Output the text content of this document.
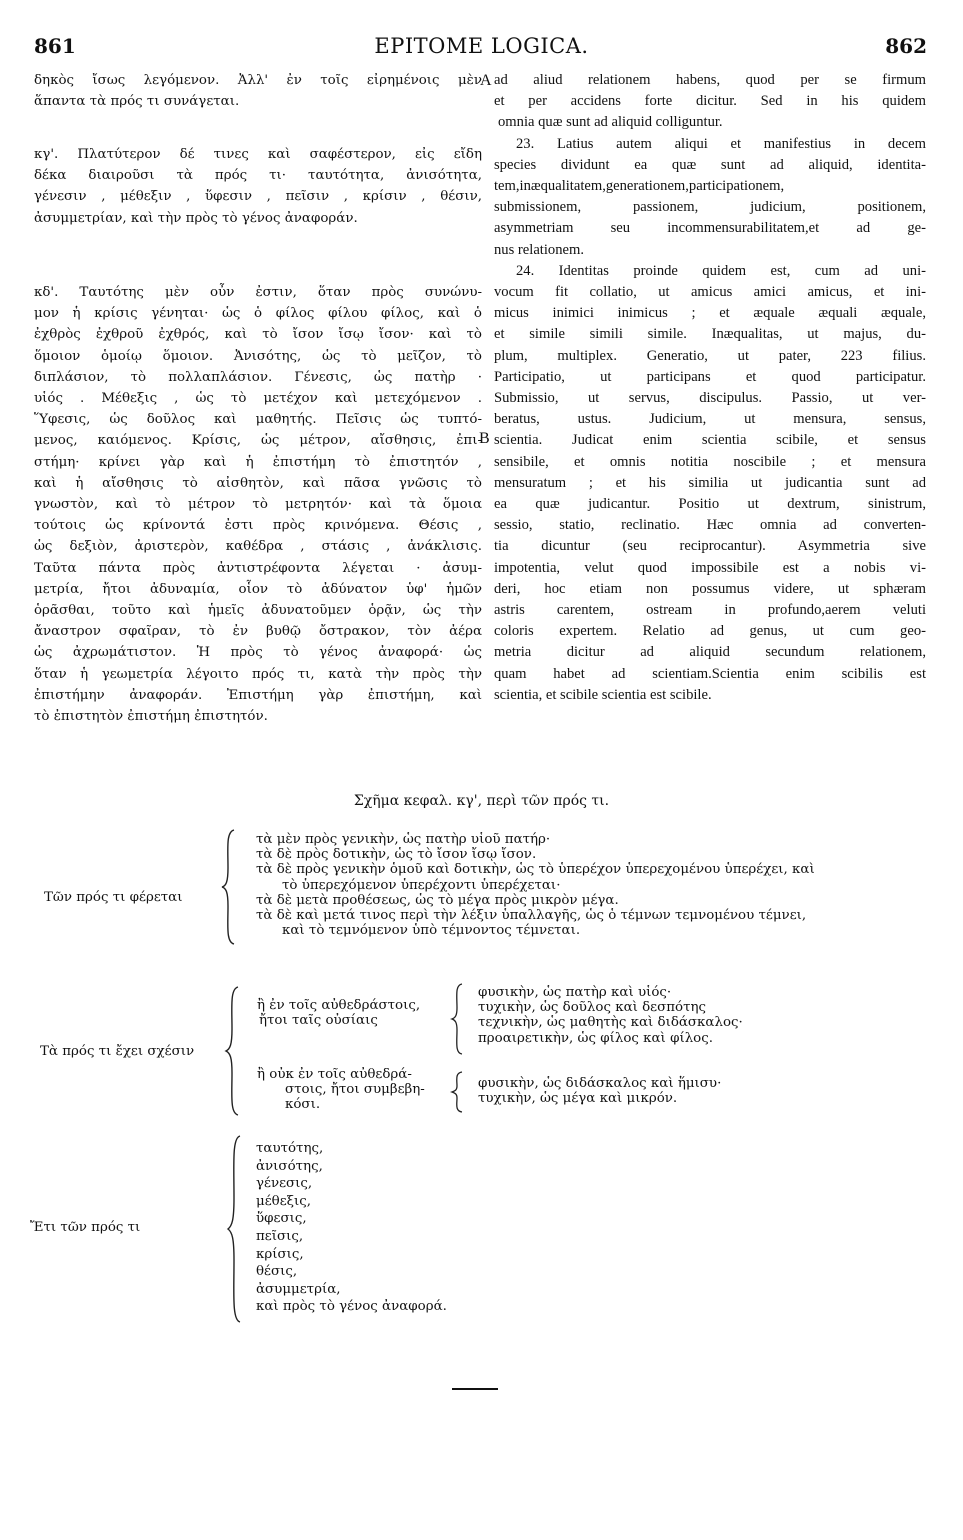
861	EPITOME LOGICA.	862
δηκὸς ἴσως λεγόμενον. Ἀλλ' ἐν τοῖς εἰρημένοις μὲν
ἅπαντα τὰ πρός τι συνάγεται.
κγ'. Πλατύτερον δέ τινες καὶ σαφέστερον, εἰς εἴδη
δέκα διαιροῦσι τὰ πρός τι· ταυτότητα, ἀνισότητα,
γένεσιν , μέθεξιν , ὕφεσιν , πεῖσιν , κρίσιν , θέσιν,
ἀσυμμετρίαν, καὶ τὴν πρὸς τὸ γένος ἀναφοράν.
κδ'. Ταυτότης μὲν οὖν ἐστιν, ὅταν πρὸς συνώνυ-
μον ἡ κρίσις γένηται· ὡς ὁ φίλος φίλου φίλος, καὶ ὁ
ἐχθρὸς ἐχθροῦ ἐχθρός, καὶ τὸ ἴσον ἴσῳ ἴσον· καὶ τὸ
ὅμοιον ὁμοίῳ ὅμοιον. Ἀνισότης, ὡς τὸ μεῖζον, τὸ
διπλάσιον, τὸ πολλαπλάσιον. Γένεσις, ὡς πατὴρ ·
υἱός . Μέθεξις , ὡς τὸ μετέχον καὶ μετεχόμενον .
Ὕφεσις, ὡς δοῦλος καὶ μαθητής. Πεῖσις ὡς τυπτό-
μενος, καιόμενος. Κρίσις, ὡς μέτρον, αἴσθησις, ἐπι-
στήμη· κρίνει γὰρ καὶ ἡ ἐπιστήμη τὸ ἐπιστητόν ,
καὶ ἡ αἴσθησις τὸ αἰσθητὸν, καὶ πᾶσα γνῶσις τὸ
γνωστὸν, καὶ τὸ μέτρον τὸ μετρητόν· καὶ τὰ ὅμοια
τούτοις ὡς κρίνοντά ἐστι πρὸς κρινόμενα. Θέσις ,
ὡς δεξιὸν, ἀριστερὸν, καθέδρα , στάσις , ἀνάκλισις.
Ταῦτα πάντα πρὸς ἀντιστρέφοντα λέγεται · ἀσυμ-
μετρία, ἤτοι ἀδυναμία, οἷον τὸ ἀδύνατον ὑφ' ἡμῶν
ὁρᾶσθαι, τοῦτο καὶ ἡμεῖς ἀδυνατοῦμεν ὁρᾷν, ὡς τὴν
ἄναστρον σφαῖραν, τὸ ἐν βυθῷ ὄστρακον, τὸν ἀέρα
ὡς ἀχρωμάτιστον. Ἡ πρὸς τὸ γένος ἀναφορά· ὡς
ὅταν ἡ γεωμετρία λέγοιτο πρός τι, κατὰ τὴν πρὸς τὴν
ἐπιστήμην ἀναφοράν. Ἐπιστήμη γὰρ ἐπιστήμη, καὶ
τὸ ἐπιστητὸν ἐπιστήμη ἐπιστητόν.
A
B
ad aliud relationem habens, quod per se firmum
et per accidens forte dicitur. Sed in his quidem
omnia quæ sunt ad aliquid colliguntur.
23. Latius autem aliqui et manifestius in decem
species dividunt ea quæ sunt ad aliquid, identita-
tem,inæqualitatem,generationem,participationem,
submissionem, passionem, judicium, positionem,
asymmetriam seu incommensurabilitatem,et ad ge-
nus relationem.
24. Identitas proinde quidem est, cum ad uni-
vocum fit collatio, ut amicus amici amicus, et ini-
micus inimici inimicus ; et æquale æquali æquale,
et simile simili simile. Inæqualitas, ut majus, du-
plum, multiplex. Generatio, ut pater, 223 filius.
Participatio, ut participans et quod participatur.
Submissio, ut servus, discipulus. Passio, ut ver-
beratus, ustus. Judicium, ut mensura, sensus,
scientia. Judicat enim scientia scibile, et sensus
sensibile, et omnis notitia noscibile ; et mensura
mensuratum ; et his similia ut judicantia sunt ad
ea quæ judicantur. Positio ut dextrum, sinistrum,
sessio, statio, reclinatio. Hæc omnia ad converten-
tia dicuntur (seu reciprocantur). Asymmetria sive
impotentia, velut quod impossibile est a nobis vi-
deri, hoc etiam non possumus videre, ut sphæram
astris carentem, ostream in profundo,aerem veluti
coloris expertem. Relatio ad genus, ut cum geo-
metria dicitur ad aliquid secundum relationem,
quam habet ad scientiam.Scientia enim scibilis est
scientia, et scibile scientia est scibile.
Σχῆμα κεφαλ. κγ', περὶ τῶν πρός τι.
Τῶν πρός τι φέρεται
τὰ μὲν πρὸς γενικὴν, ὡς πατὴρ υἱοῦ πατήρ·
τὰ δὲ πρὸς δοτικὴν, ὡς τὸ ἴσον ἴσῳ ἴσον.
τὰ δὲ πρὸς γενικὴν ὁμοῦ καὶ δοτικὴν, ὡς τὸ ὑπερέχον ὑπερεχομένου ὑπερέχει, καὶ
τὸ ὑπερεχόμενον ὑπερέχοντι ὑπερέχεται·
τὰ δὲ μετὰ προθέσεως, ὡς τὸ μέγα πρὸς μικρὸν μέγα.
τὰ δὲ καὶ μετά τινος περὶ τὴν λέξιν ὑπαλλαγῆς, ὡς ὁ τέμνων τεμνομένου τέμνει,
καὶ τὸ τεμνόμενον ὑπὸ τέμνοντος τέμνεται.
Τὰ πρός τι ἔχει σχέσιν
ἢ ἐν τοῖς αὐθεδράστοις,
ἤτοι ταῖς οὐσίαις
φυσικὴν, ὡς πατὴρ καὶ υἱός·
τυχικὴν, ὡς δοῦλος καὶ δεσπότης
τεχνικὴν, ὡς μαθητὴς καὶ διδάσκαλος·
προαιρετικὴν, ὡς φίλος καὶ φίλος.
ἢ οὐκ ἐν τοῖς αὐθεδρά-
στοις, ἤτοι συμβεβη-
κόσι.
φυσικὴν, ὡς διδάσκαλος καὶ ἥμισυ·
τυχικὴν, ὡς μέγα καὶ μικρόν.
Ἔτι τῶν πρός τι
ταυτότης,
ἀνισότης,
γένεσις,
μέθεξις,
ὕφεσις,
πεῖσις,
κρίσις,
θέσις,
ἀσυμμετρία,
καὶ πρὸς τὸ γένος ἀναφορά.
